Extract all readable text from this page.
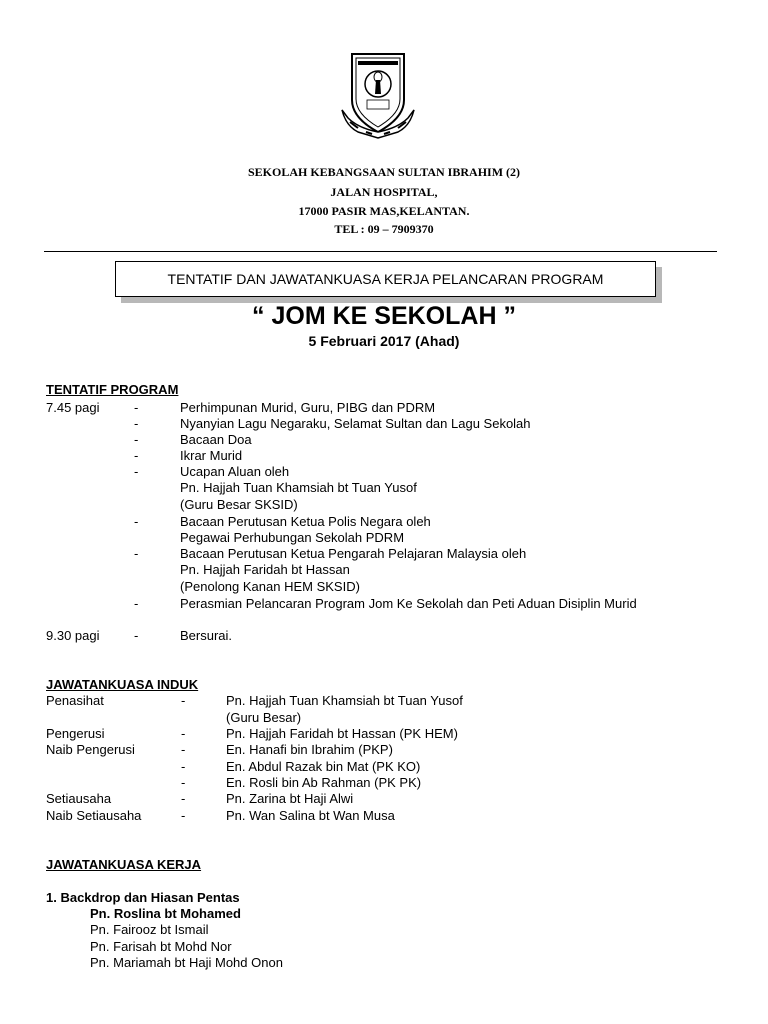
SEKOLAH KEBANGSAAN SULTAN IBRAHIM (2)
JALAN HOSPITAL,
17000 PASIR MAS,KELANTAN.
TEL : 09 – 7909370
TENTATIF DAN JAWATANKUASA KERJA PELANCARAN PROGRAM
“ JOM KE SEKOLAH ”
5 Februari 2017 (Ahad)
TENTATIF PROGRAM
7.45 pagi	-	Perhimpunan Murid, Guru, PIBG dan PDRM
-	Nyanyian Lagu Negaraku, Selamat Sultan dan Lagu Sekolah
-	Bacaan Doa
-	Ikrar Murid
-	Ucapan Aluan oleh
Pn. Hajjah Tuan Khamsiah bt Tuan Yusof
(Guru Besar SKSID)
-	Bacaan Perutusan Ketua Polis Negara oleh
Pegawai Perhubungan Sekolah PDRM
-	Bacaan Perutusan Ketua Pengarah Pelajaran Malaysia oleh
Pn. Hajjah Faridah bt Hassan
(Penolong Kanan HEM SKSID)
-	Perasmian Pelancaran Program Jom Ke Sekolah dan Peti Aduan Disiplin Murid
9.30 pagi	-	Bersurai.
JAWATANKUASA INDUK
Penasihat	-	Pn. Hajjah Tuan Khamsiah bt Tuan Yusof
(Guru Besar)
Pengerusi	-	Pn. Hajjah Faridah bt Hassan (PK HEM)
Naib Pengerusi	-	En. Hanafi bin Ibrahim (PKP)
-	En. Abdul Razak bin Mat (PK KO)
-	En. Rosli bin Ab Rahman (PK PK)
Setiausaha	-	Pn. Zarina bt Haji Alwi
Naib Setiausaha	-	Pn. Wan Salina bt Wan Musa
JAWATANKUASA KERJA
1. Backdrop dan Hiasan Pentas
Pn. Roslina bt Mohamed
Pn. Fairooz bt Ismail
Pn. Farisah bt Mohd Nor
Pn. Mariamah bt Haji Mohd Onon
